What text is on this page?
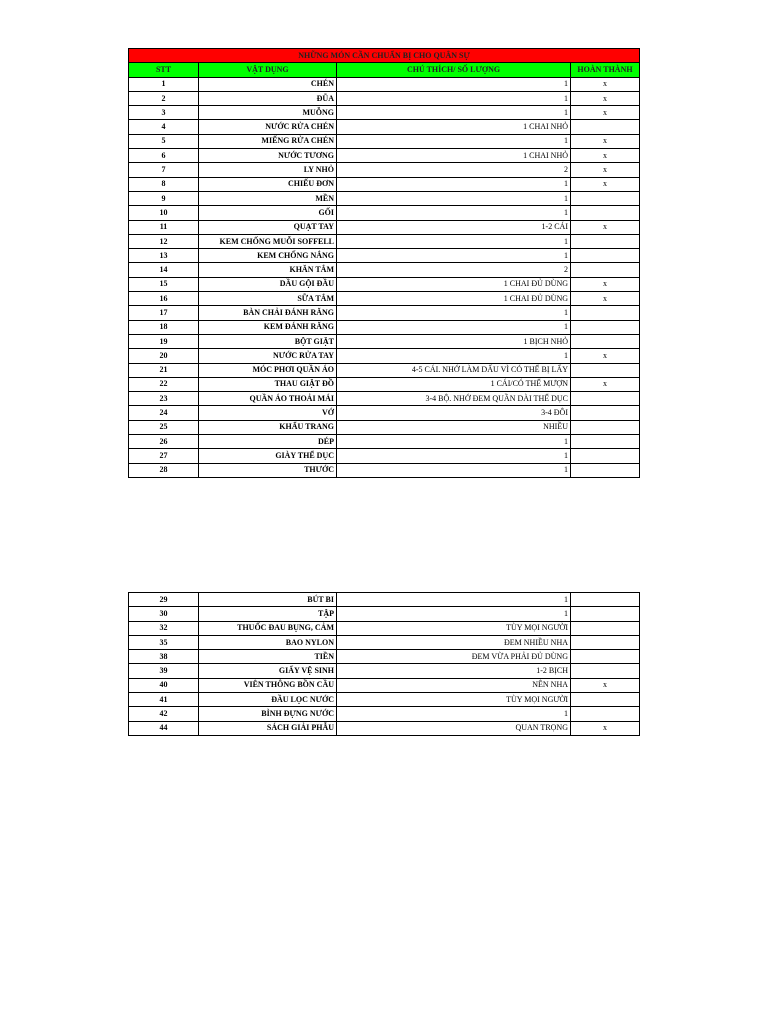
NHỮNG MÓN CẦN CHUẨN BỊ CHO QUÂN SỰ			
STT	VẬT DỤNG	CHÚ THÍCH/ SỐ LƯỢNG	HOÀN THÀNH
1	CHÉN	1	x
2	ĐŨA	1	x
3	MUỖNG	1	x
4	NƯỚC RỬA CHÉN	1 CHAI NHỎ	
5	MIẾNG RỬA CHÉN	1	x
6	NƯỚC TƯƠNG	1 CHAI NHỎ	x
7	LY NHỎ	2	x
8	CHIẾU ĐƠN	1	x
9	MỀN	1	
10	GỐI	1	
11	QUẠT TAY	1-2 CÁI	x
12	KEM CHỐNG MUỖI SOFFELL	1	
13	KEM CHỐNG NẮNG	1	
14	KHĂN TẮM	2	
15	DẦU GỘI ĐẦU	1 CHAI ĐỦ DÙNG	x
16	SỮA TẮM	1 CHAI ĐỦ DÙNG	x
17	BÀN CHẢI ĐÁNH RĂNG	1	
18	KEM ĐÁNH RĂNG	1	
19	BỘT GIẶT	1 BỊCH NHỎ	
20	NƯỚC RỬA TAY	1	x
21	MÓC PHƠI QUẦN ÁO	4-5 CÁI. NHỚ LÀM DẤU VÌ CÓ THỂ BỊ LẤY	
22	THAU GIẶT ĐỒ	1 CÁI/CÓ THỂ MƯỢN	x
23	QUẦN ÁO THOẢI MÁI	3-4 BỘ. NHỚ ĐEM QUẦN DÀI THỂ DỤC	
24	VỚ	3-4 ĐÔI	
25	KHẨU TRANG	NHIỀU	
26	DÉP	1	
27	GIÀY THỂ DỤC	1	
28	THƯỚC	1	
29	BÚT BI	1	
30	TẬP	1	
32	THUỐC ĐAU BỤNG, CẢM	TÙY MỌI NGƯỜI	
35	BAO NYLON	ĐEM NHIỀU NHA	
38	TIỀN	ĐEM VỪA PHẢI ĐỦ DÙNG	
39	GIẤY VỆ SINH	1-2 BỊCH	
40	VIÊN THÔNG BỒN CẦU	NÊN NHA	x
41	ĐẦU LỌC NƯỚC	TÙY MỌI NGƯỜI	
42	BÌNH ĐỰNG NƯỚC	1	
44	SÁCH GIẢI PHẪU	QUAN TRỌNG	x
